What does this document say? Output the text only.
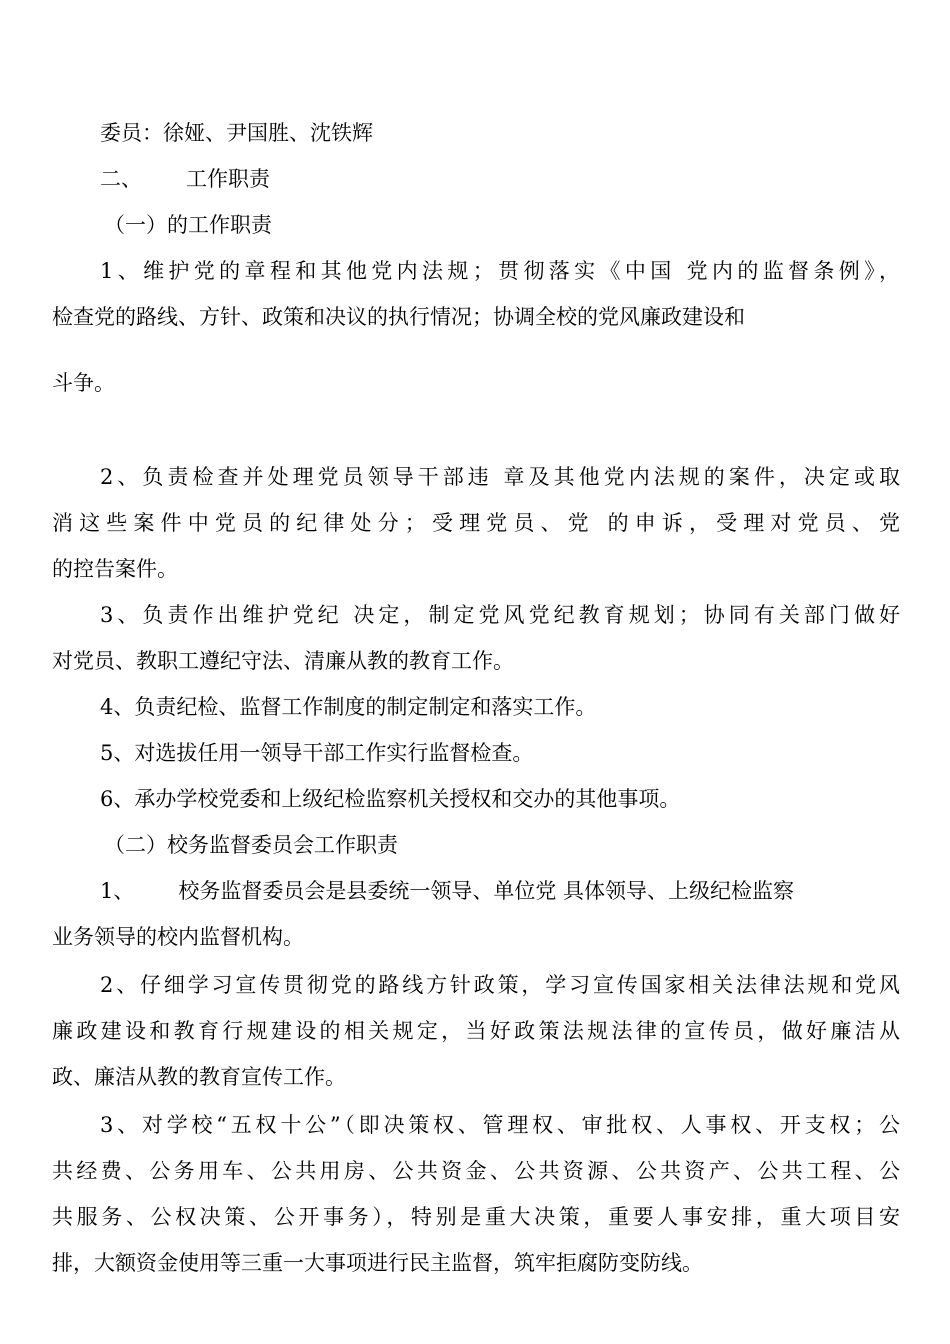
委员：徐娅、尹国胜、沈铁辉
二、 工作职责
（一）的工作职责
1、维护党的章程和其他党内法规；贯彻落实《中国 党内的监督条例》，
检查党的路线、方针、政策和决议的执行情况；协调全校的党风廉政建设和
斗争。
2、负责检查并处理党员领导干部违 章及其他党内法规的案件，决定或取
消这些案件中党员的纪律处分；受理党员、党 的申诉，受理对党员、党
的控告案件。
3、负责作出维护党纪 决定，制定党风党纪教育规划；协同有关部门做好
对党员、教职工遵纪守法、清廉从教的教育工作。
4、负责纪检、监督工作制度的制定制定和落实工作。
5、对选拔任用一领导干部工作实行监督检查。
6、承办学校党委和上级纪检监察机关授权和交办的其他事项。
（二）校务监督委员会工作职责
1、 校务监督委员会是县委统一领导、单位党 具体领导、上级纪检监察
业务领导的校内监督机构。
2、仔细学习宣传贯彻党的路线方针政策，学习宣传国家相关法律法规和党风
廉政建设和教育行规建设的相关规定，当好政策法规法律的宣传员，做好廉洁从
政、廉洁从教的教育宣传工作。
3、对学校“五权十公”（即决策权、管理权、审批权、人事权、开支权；公
共经费、公务用车、公共用房、公共资金、公共资源、公共资产、公共工程、公
共服务、公权决策、公开事务），特别是重大决策，重要人事安排，重大项目安
排，大额资金使用等三重一大事项进行民主监督，筑牢拒腐防变防线。
